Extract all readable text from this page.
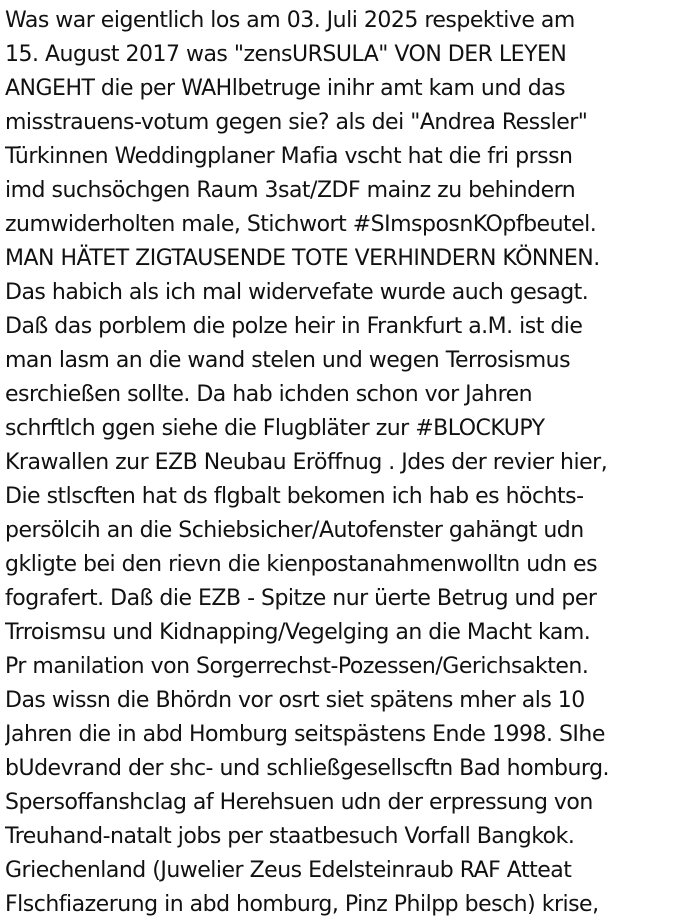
Was war eigentlich los am 03. Juli 2025 respektive am
15. August 2017 was "zensURSULA" VON DER LEYEN
ANGEHT die per WAHlbetruge inihr amt kam und das
misstrauens-votum gegen sie? als dei "Andrea Ressler"
Türkinnen Weddingplaner Mafia vscht hat die fri prssn
imd suchsöchgen Raum 3sat/ZDF mainz zu behindern
zumwiderholten male, Stichwort #SImsposnKOpfbeutel.
MAN HÄTET ZIGTAUSENDE TOTE VERHINDERN KÖNNEN.
Das habich als ich mal widervefate wurde auch gesagt.
Daß das porblem die polze heir in Frankfurt a.M. ist die
man lasm an die wand stelen und wegen Terrosismus
esrchießen sollte. Da hab ichden schon vor Jahren
schrftlch ggen siehe die Flugbläter zur #BLOCKUPY
Krawallen zur EZB Neubau Eröffnug . Jdes der revier hier,
Die stlscften hat ds flgbalt bekomen ich hab es höchts-
persölcih an die Schiebsicher/Autofenster gahängt udn
gkligte bei den rievn die kienpostanahmenwolltn udn es
fografert. Daß die EZB - Spitze nur üerte Betrug und per
Trroismsu und Kidnapping/Vegelging an die Macht kam.
Pr manilation von Sorgerrechst-Pozessen/Gerichsakten.
Das wissn die Bhördn vor osrt siet spätens mher als 10
Jahren die in abd Homburg seitspästens Ende 1998. SIhe
bUdevrand der shc- und schließgesellscftn Bad homburg.
Spersoffanshclag af Herehsuen udn der erpressung von
Treuhand-natalt jobs per staatbesuch Vorfall Bangkok.
Griechenland (Juwelier Zeus Edelsteinraub RAF Atteat
Flschfiazerung in abd homburg, Pinz Philpp besch) krise,
